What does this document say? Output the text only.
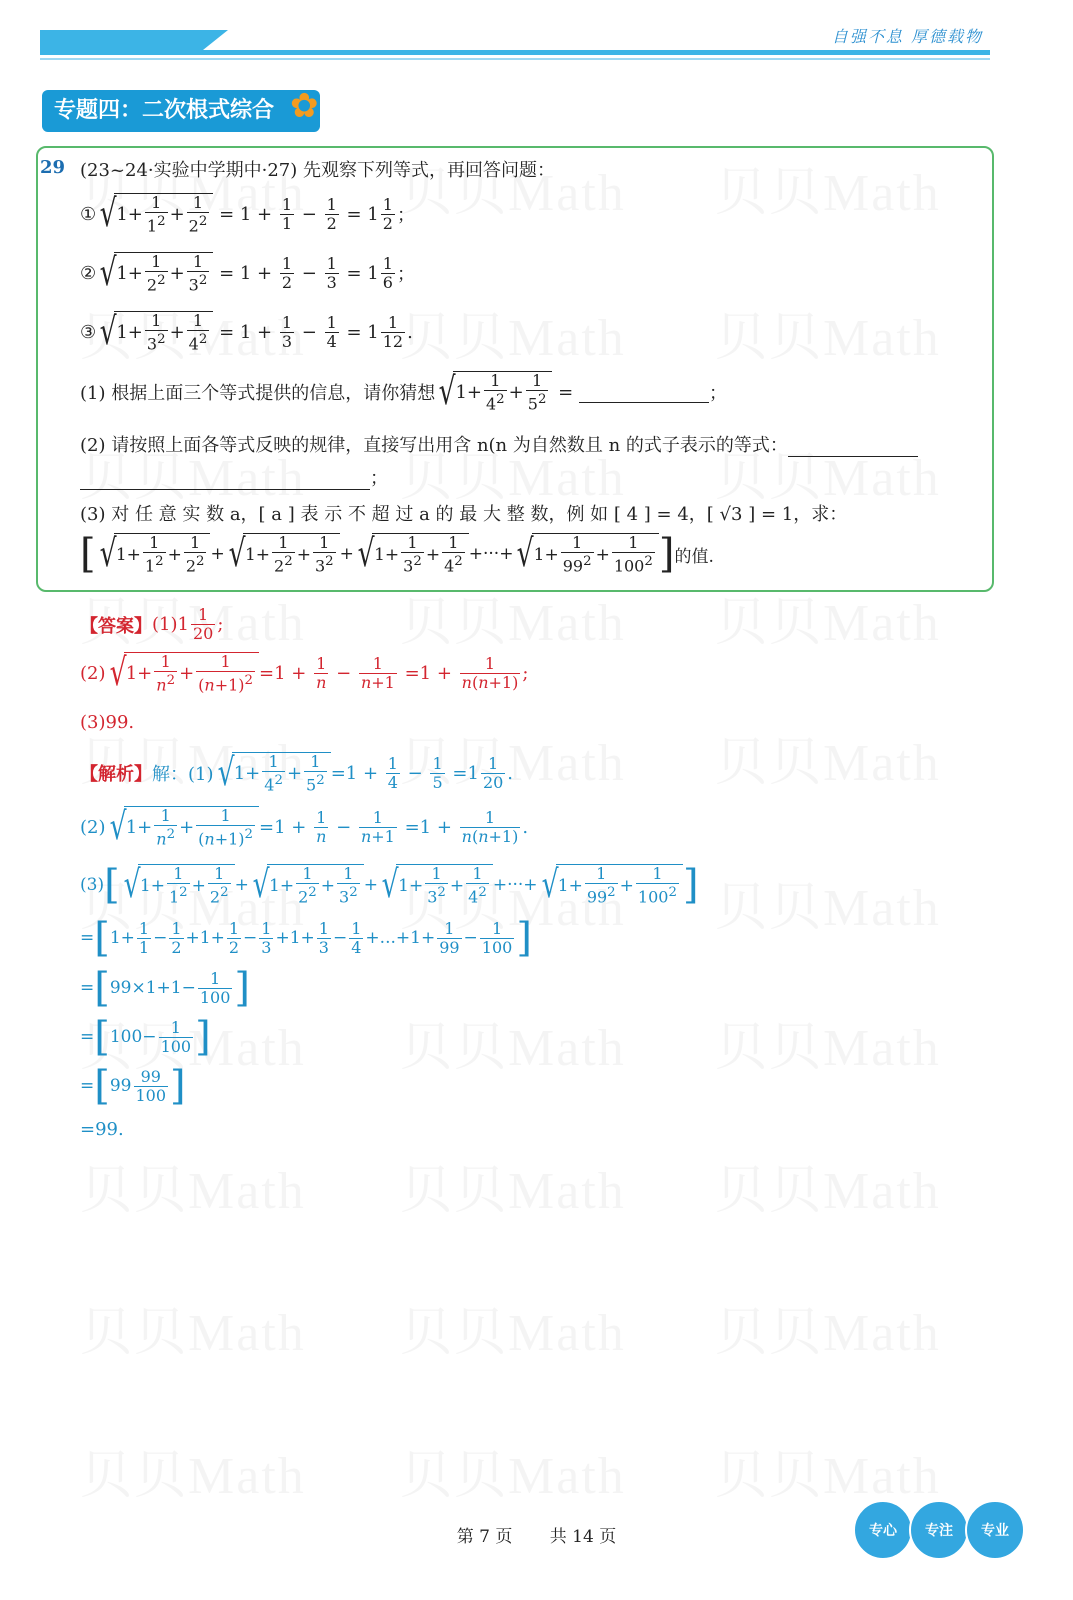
自强不息 厚德载物
专题四：二次根式综合 ✿
29 (23~24·实验中学期中·27) 先观察下列等式，再回答问题：
① √ $1+ \frac{1}{1^2} + \frac{1}{2^2} = 1 + \frac{1}{1} - \frac{1}{2} = 1 \frac{1}{2}$ ；
② √ $1+ \frac{1}{2^2} + \frac{1}{3^2} = 1 + \frac{1}{2} - \frac{1}{3} = 1 \frac{1}{6}$ ；
③ √ $1+ \frac{1}{3^2} + \frac{1}{4^2} = 1 + \frac{1}{3} - \frac{1}{4} = 1 \frac{1}{12}$ .
(1) 根据上面三个等式提供的信息，请你猜想 √ $1+ \frac{1}{4^2} + \frac{1}{5^2}$ =	；
(2) 请按照上面各等式反映的规律，直接写出用含 n(n 为自然数且 n 的式子表示的等式：
；
(3) 对 任 意 实 数 a，[ a ] 表 示 不 超 过 a 的 最 大 整 数，例 如 [ 4 ] = 4，[ √3 ] = 1，求：
[ √ $1+ \frac{1}{1^2} + \frac{1}{2^2}$ + √ $1+ \frac{1}{2^2} + \frac{1}{3^2}$ + √ $1+ \frac{1}{3^2} + \frac{1}{4^2}$ +···+ √ $1+ \frac{1}{99^2} + \frac{1}{100^2}$ ] 的值.
【答案】 $(1)1 \frac{1}{20}$ ;
(2) √ $1+ \frac{1}{n^2} + \frac{1}{(n+1)^2} =1 + \frac{1}{n} - \frac{1}{n+1} =1 + \frac{1}{n(n+1)}$ ;
(3)99.
【解析】 解：(1) √ $1+ \frac{1}{4^2} + \frac{1}{5^2} =1 + \frac{1}{4} - \frac{1}{5} =1 \frac{1}{20}$ .
(2) √ $1+ \frac{1}{n^2} + \frac{1}{(n+1)^2} =1 + \frac{1}{n} - \frac{1}{n+1} =1 + \frac{1}{n(n+1)}$ .
(3) [ √ $1+ \frac{1}{1^2} + \frac{1}{2^2}$ + √ $1+ \frac{1}{2^2} + \frac{1}{3^2}$ + √ $1+ \frac{1}{3^2} + \frac{1}{4^2}$ +···+ √ $1+ \frac{1}{99^2} + \frac{1}{100^2}$ ]
= [ $1+ \frac{1}{1} - \frac{1}{2} +1+ \frac{1}{2} - \frac{1}{3} +1+ \frac{1}{3} - \frac{1}{4} +...+1+ \frac{1}{99} - \frac{1}{100}$ ]
= [ $99\times 1+1- \frac{1}{100}$ ]
= [ $100- \frac{1}{100}$ ]
= [ $99 \frac{99}{100}$ ]
=99.
第 7 页 共 14 页	专心	专注	专业
